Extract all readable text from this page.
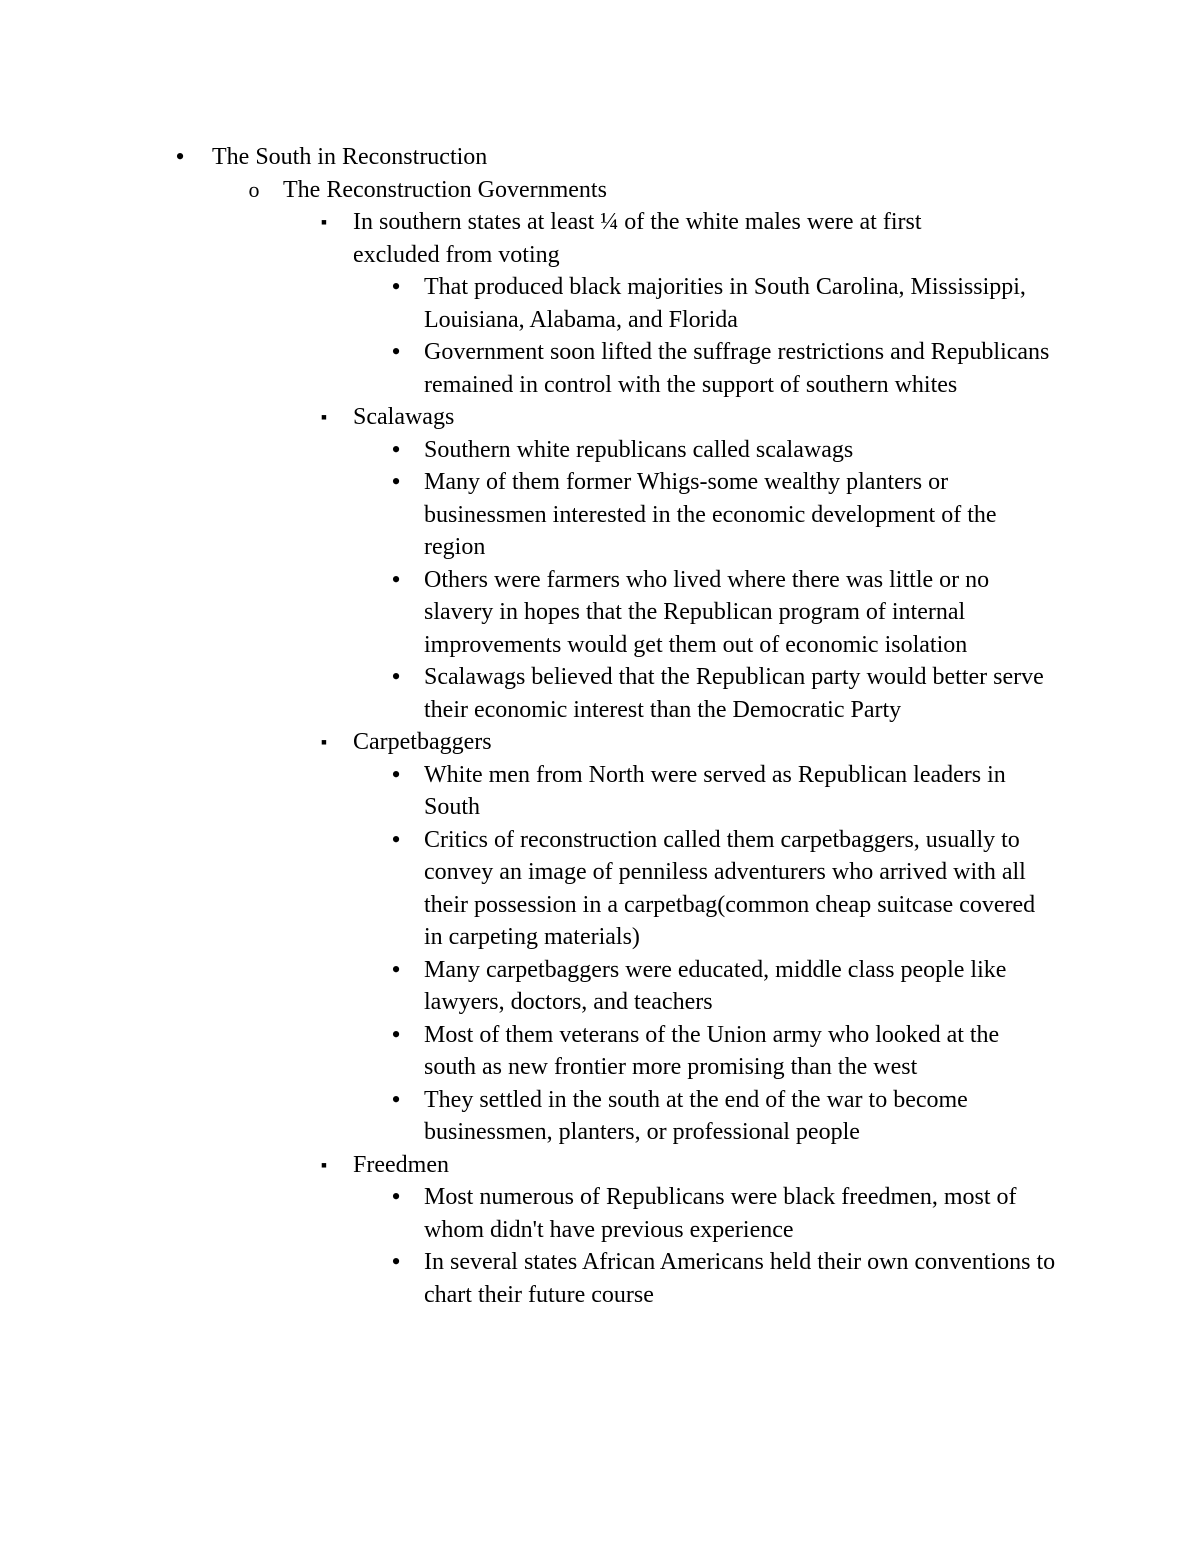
• The South in Reconstruction
o The Reconstruction Governments
▪ In southern states at least ¼ of the white males were at first excluded from voting
• That produced black majorities in South Carolina, Mississippi, Louisiana, Alabama, and Florida
• Government soon lifted the suffrage restrictions and Republicans remained in control with the support of southern whites
▪ Scalawags
• Southern white republicans called scalawags
• Many of them former Whigs-some wealthy planters or businessmen interested in the economic development of the region
• Others were farmers who lived where there was little or no slavery in hopes that the Republican program of internal improvements would get them out of economic isolation
• Scalawags believed that the Republican party would better serve their economic interest than the Democratic Party
▪ Carpetbaggers
• White men from North were served as Republican leaders in South
• Critics of reconstruction called them carpetbaggers, usually to convey an image of penniless adventurers who arrived with all their possession in a carpetbag(common cheap suitcase covered in carpeting materials)
• Many carpetbaggers were educated, middle class people like lawyers, doctors, and teachers
• Most of them veterans of the Union army who looked at the south as new frontier more promising than the west
• They settled in the south at the end of the war to become businessmen, planters, or professional people
▪ Freedmen
• Most numerous of Republicans were black freedmen, most of whom didn't have previous experience
• In several states African Americans held their own conventions to chart their future course
